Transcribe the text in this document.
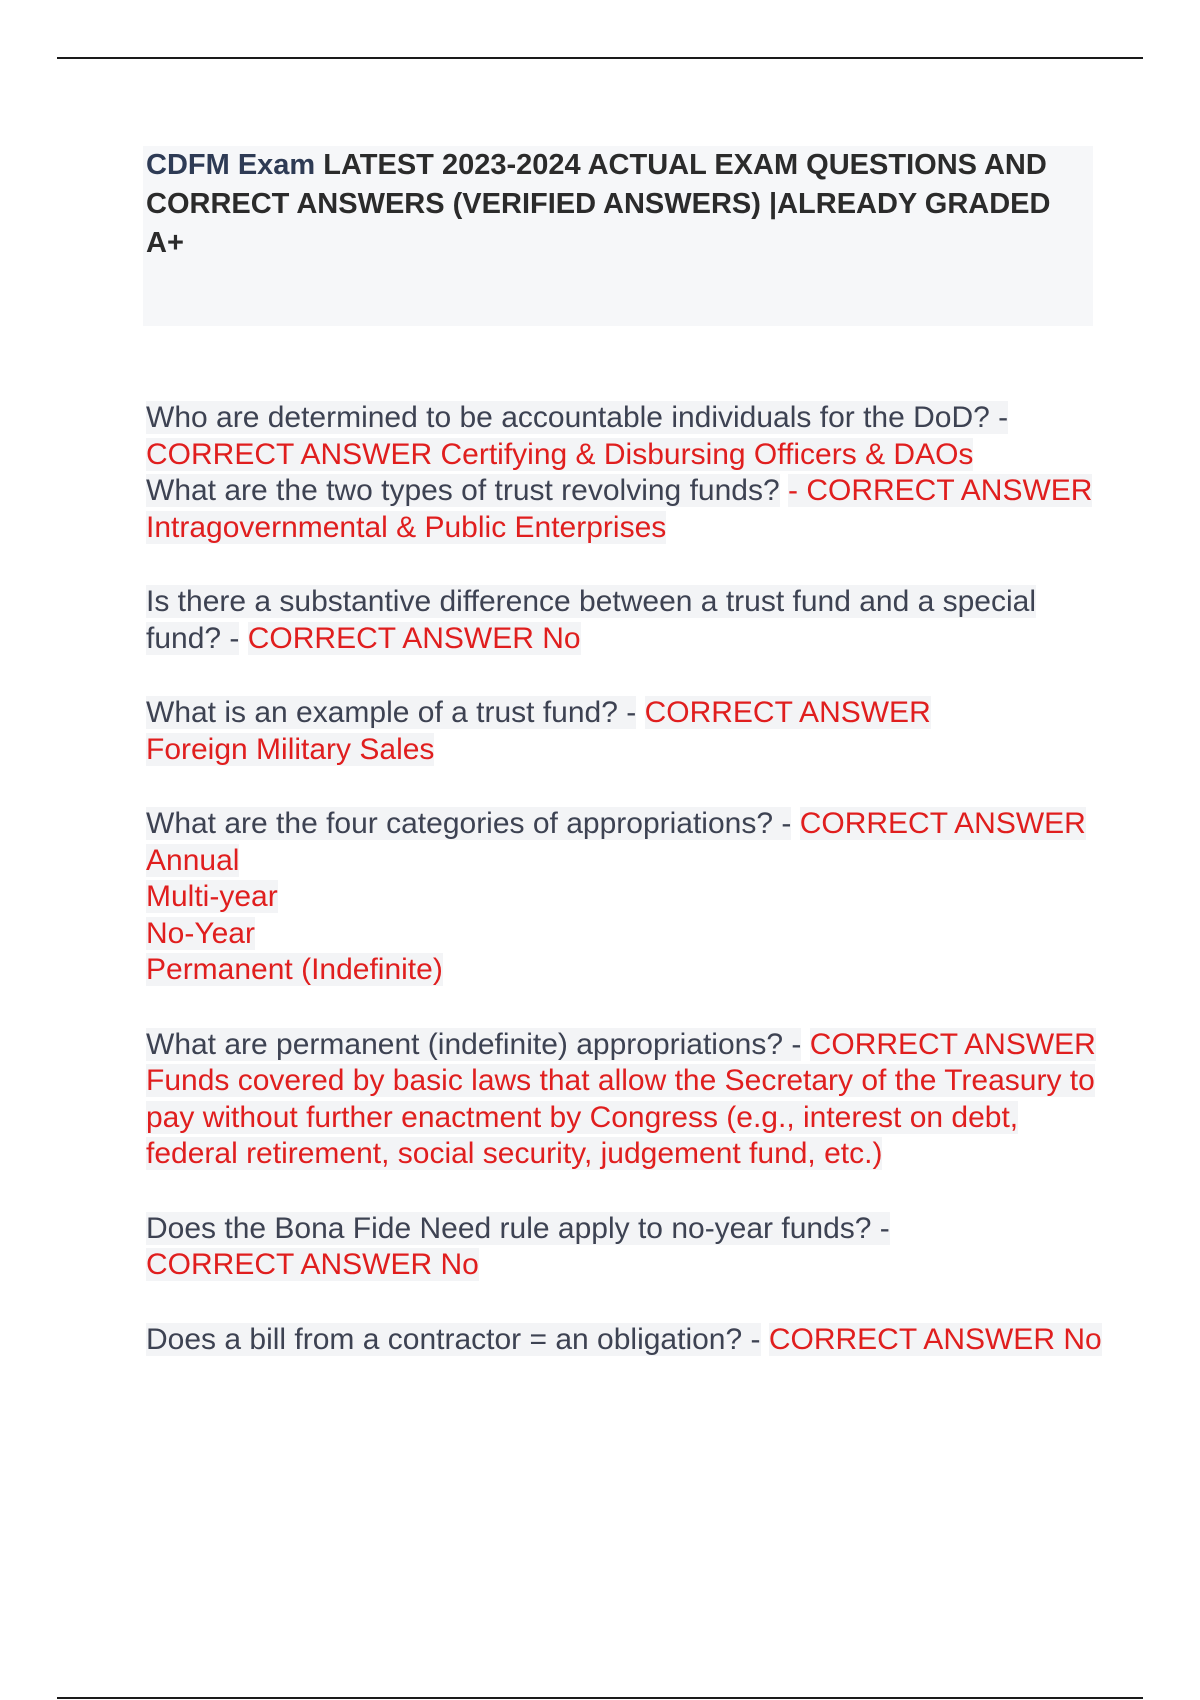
CDFM Exam LATEST 2023-2024 ACTUAL EXAM QUESTIONS AND CORRECT ANSWERS (VERIFIED ANSWERS) |ALREADY GRADED A+
Who are determined to be accountable individuals for the DoD? -
CORRECT ANSWER Certifying & Disbursing Officers & DAOs
What are the two types of trust revolving funds? - CORRECT ANSWER Intragovernmental & Public Enterprises
Is there a substantive difference between a trust fund and a special fund? - CORRECT ANSWER No
What is an example of a trust fund? - CORRECT ANSWER
Foreign Military Sales
What are the four categories of appropriations? - CORRECT ANSWER Annual
Multi-year
No-Year
Permanent (Indefinite)
What are permanent (indefinite) appropriations? - CORRECT ANSWER Funds covered by basic laws that allow the Secretary of the Treasury to pay without further enactment by Congress (e.g., interest on debt, federal retirement, social security, judgement fund, etc.)
Does the Bona Fide Need rule apply to no-year funds? -
CORRECT ANSWER No
Does a bill from a contractor = an obligation? - CORRECT ANSWER No
